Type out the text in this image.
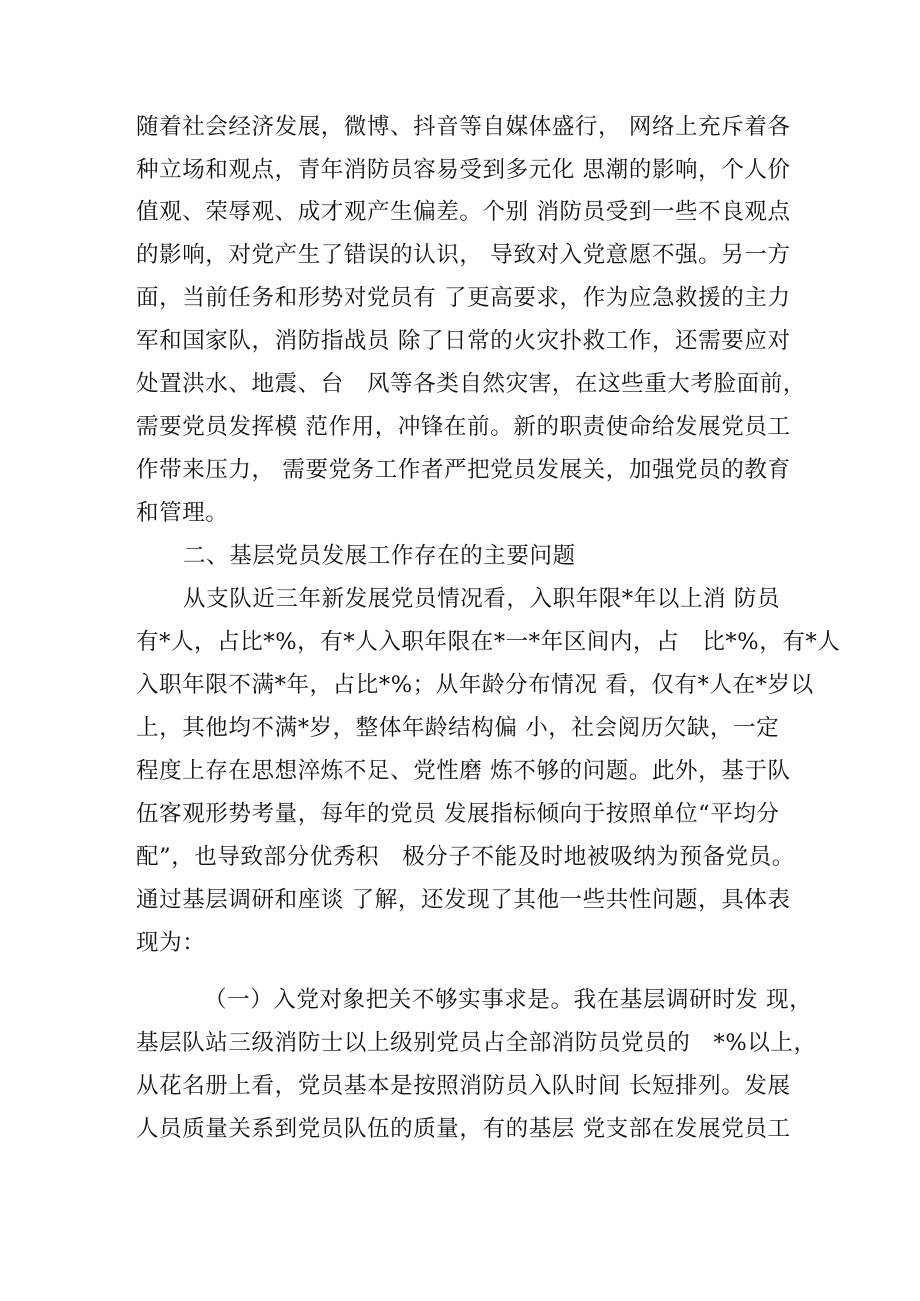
随着社会经济发展，微博、抖音等自媒体盛行， 网络上充斥着各
种立场和观点，青年消防员容易受到多元化 思潮的影响，个人价
值观、荣辱观、成才观产生偏差。个别 消防员受到一些不良观点
的影响，对党产生了错误的认识， 导致对入党意愿不强。另一方
面，当前任务和形势对党员有 了更高要求，作为应急救援的主力
军和国家队，消防指战员 除了日常的火灾扑救工作，还需要应对
处置洪水、地震、台　风等各类自然灾害，在这些重大考脸面前，
需要党员发挥模 范作用，冲锋在前。新的职责使命给发展党员工
作带来压力， 需要党务工作者严把党员发展关，加强党员的教育
和管理。
二、基层党员发展工作存在的主要问题
从支队近三年新发展党员情况看，入职年限*年以上消 防员
有*人，占比*%，有*人入职年限在*一*年区间内，占　比*%，有*人
入职年限不满*年，占比*%；从年龄分布情况 看，仅有*人在*岁以
上，其他均不满*岁，整体年龄结构偏 小，社会阅历欠缺，一定
程度上存在思想淬炼不足、党性磨 炼不够的问题。此外，基于队
伍客观形势考量，每年的党员 发展指标倾向于按照单位“平均分
配”，也导致部分优秀积　极分子不能及时地被吸纳为预备党员。
通过基层调研和座谈 了解，还发现了其他一些共性问题，具体表
现为：
（一）入党对象把关不够实事求是。我在基层调研时发 现，
基层队站三级消防士以上级别党员占全部消防员党员的　*%以上，
从花名册上看，党员基本是按照消防员入队时间 长短排列。发展
人员质量关系到党员队伍的质量，有的基层 党支部在发展党员工
